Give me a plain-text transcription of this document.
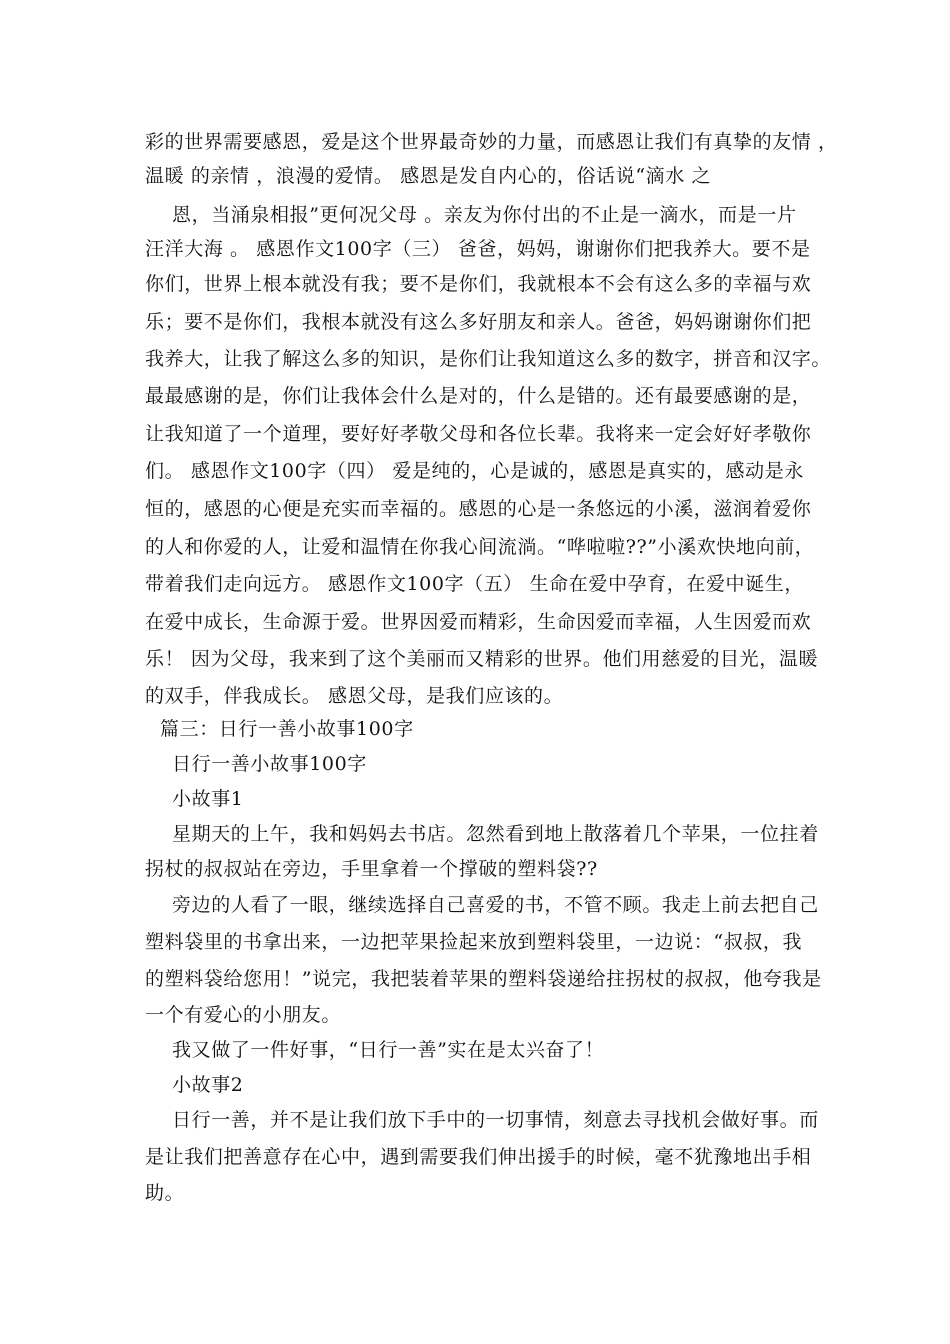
彩的世界需要感恩，爱是这个世界最奇妙的力量，而感恩让我们有真挚的友情 ，
温暖 的亲情 ，浪漫的爱情。 感恩是发自内心的，俗话说“滴水 之
恩，当涌泉相报”更何况父母 。亲友为你付出的不止是一滴水，而是一片
汪洋大海 。 感恩作文100字（三） 爸爸，妈妈，谢谢你们把我养大。要不是
你们，世界上根本就没有我；要不是你们，我就根本不会有这么多的幸福与欢
乐；要不是你们，我根本就没有这么多好朋友和亲人。爸爸，妈妈谢谢你们把
我养大，让我了解这么多的知识，是你们让我知道这么多的数字，拼音和汉字。
最最感谢的是，你们让我体会什么是对的，什么是错的。还有最要感谢的是，
让我知道了一个道理，要好好孝敬父母和各位长辈。我将来一定会好好孝敬你
们。 感恩作文100字（四） 爱是纯的，心是诚的，感恩是真实的，感动是永
恒的，感恩的心便是充实而幸福的。感恩的心是一条悠远的小溪，滋润着爱你
的人和你爱的人，让爱和温情在你我心间流淌。“哗啦啦??”小溪欢快地向前，
带着我们走向远方。 感恩作文100字（五） 生命在爱中孕育，在爱中诞生，
在爱中成长，生命源于爱。世界因爱而精彩，生命因爱而幸福，人生因爱而欢
乐！ 因为父母，我来到了这个美丽而又精彩的世界。他们用慈爱的目光，温暖
的双手，伴我成长。 感恩父母，是我们应该的。
篇三：日行一善小故事100字
日行一善小故事100字
小故事1
星期天的上午，我和妈妈去书店。忽然看到地上散落着几个苹果，一位拄着
拐杖的叔叔站在旁边，手里拿着一个撑破的塑料袋??
旁边的人看了一眼，继续选择自己喜爱的书，不管不顾。我走上前去把自己
塑料袋里的书拿出来，一边把苹果捡起来放到塑料袋里，一边说：“叔叔，我
的塑料袋给您用！”说完，我把装着苹果的塑料袋递给拄拐杖的叔叔，他夸我是
一个有爱心的小朋友。
我又做了一件好事，“日行一善”实在是太兴奋了！
小故事2
日行一善，并不是让我们放下手中的一切事情，刻意去寻找机会做好事。而
是让我们把善意存在心中，遇到需要我们伸出援手的时候，毫不犹豫地出手相
助。
